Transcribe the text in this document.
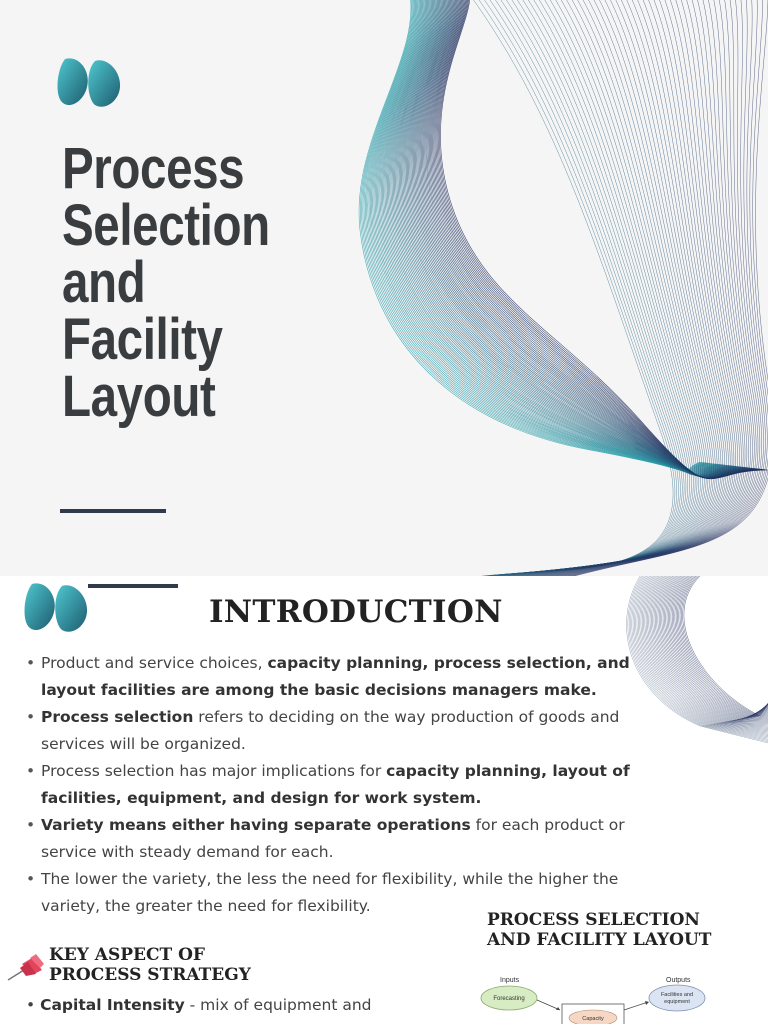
Process
Selection
and
Facility
Layout
INTRODUCTION
• Product and service choices, capacity planning, process selection, and layout facilities are among the basic decisions managers make.
• Process selection refers to deciding on the way production of goods and services will be organized.
• Process selection has major implications for capacity planning, layout of facilities, equipment, and design for work system.
• Variety means either having separate operations for each product or service with steady demand for each.
• The lower the variety, the less the need for flexibility, while the higher the variety, the greater the need for flexibility.
KEY ASPECT OF
PROCESS STRATEGY
• Capital Intensity - mix of equipment and
PROCESS SELECTION
AND FACILITY LAYOUT
Inputs	Outputs
Forecasting
Facilities and
equipment
Capacity
